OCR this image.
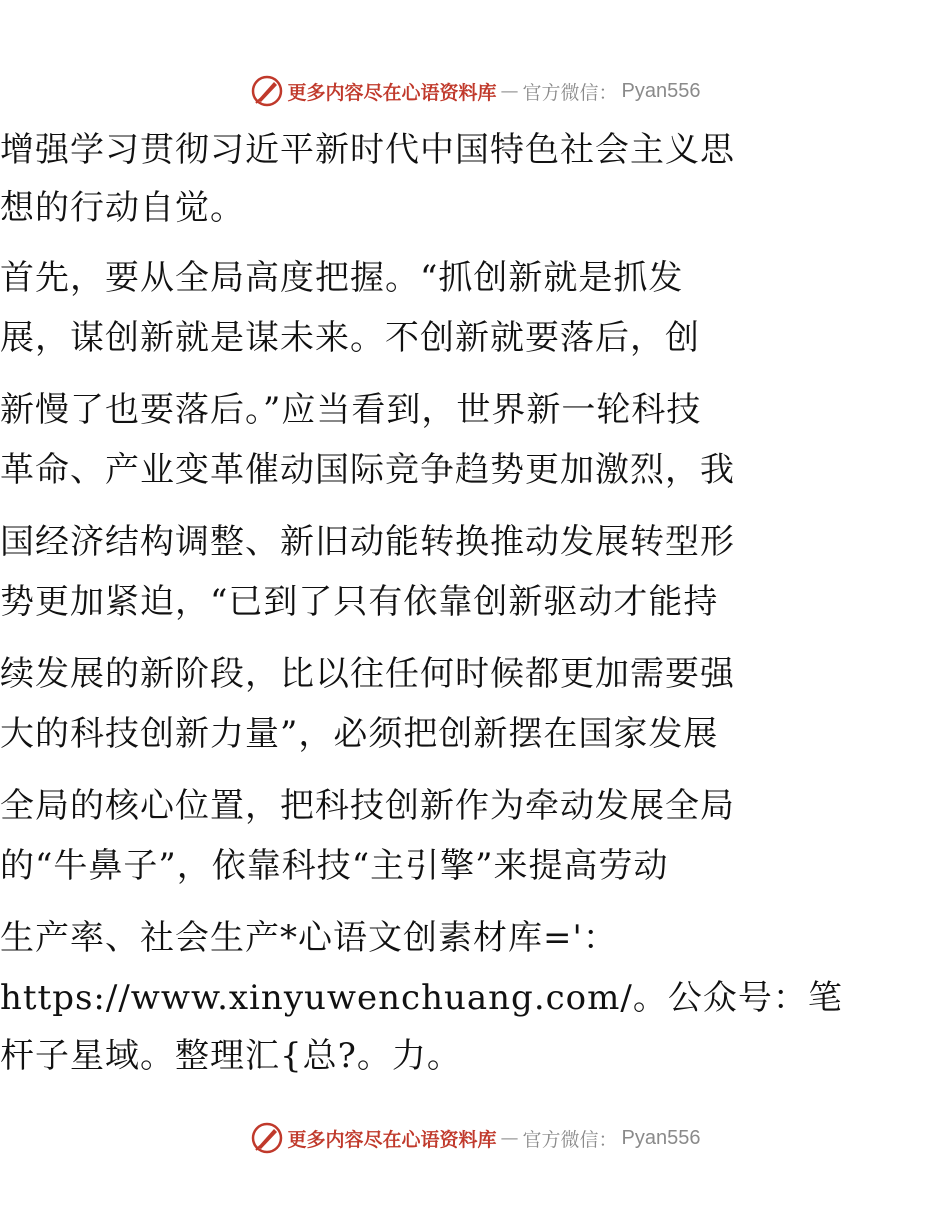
更多内容尽在心语资料库 — 官方微信： Pyan556
增强学习贯彻习近平新时代中国特色社会主义思
想的行动自觉。
首先，要从全局高度把握。“抓创新就是抓发
展，谋创新就是谋未来。不创新就要落后，创
新慢了也要落后。”应当看到，世界新一轮科技
革命、产业变革催动国际竞争趋势更加激烈，我
国经济结构调整、新旧动能转换推动发展转型形
势更加紧迫，“已到了只有依靠创新驱动才能持
续发展的新阶段，比以往任何时候都更加需要强
大的科技创新力量”，必须把创新摆在国家发展
全局的核心位置，把科技创新作为牵动发展全局
的“牛鼻子”，依靠科技“主引擎”来提高劳动
生产率、社会生产*心语文创素材库='：
https://www.xinyuwenchuang.com/。公众号：笔
杆子星域。整理汇{总?。力。
更多内容尽在心语资料库 — 官方微信： Pyan556
